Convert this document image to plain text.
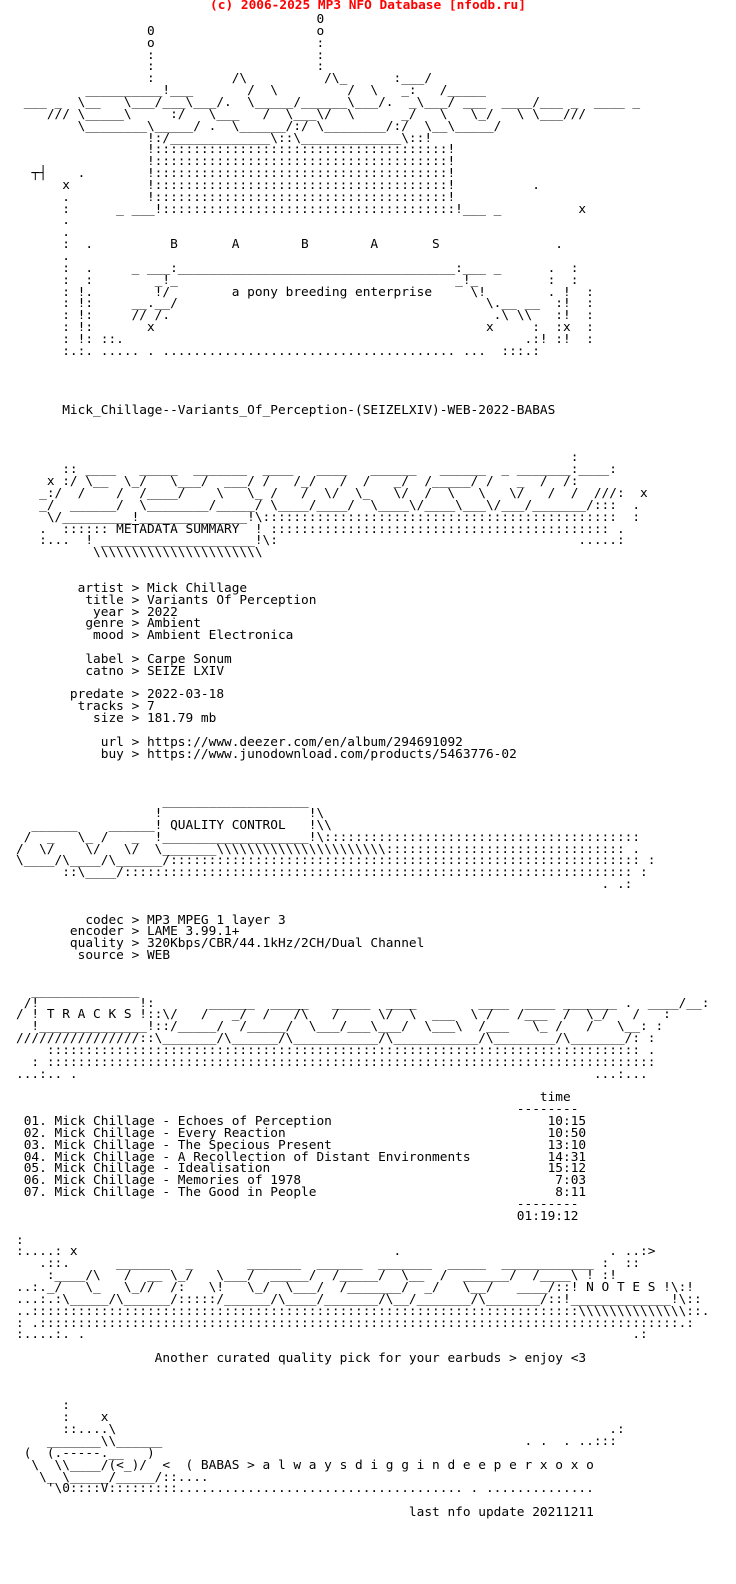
(c) 2006-2025 MP3 NFO Database [nfodb.ru]
0
0                     o
o                     :
:                     :
:                     :
:          /\          /\_      :___/
__________!___       /  \         /  \   _:   /_____
___ _  \__   \___/___\___/.  \_____/______\___/.  _\___/ ___  ____/___ _  ____ _
/// \_____\     :/   \___   /  \___\/  \      _/   \   \_/   \ \___///
\________\_____/ .  \______/:/ \________/:/  \__\_____/
!:/_____________\::\_____________\::!
!::::::::::::::::::::::::::::::::::::::!
!::::::::::::::::::::::::::::::::::::::!
┬┤    .        !::::::::::::::::::::::::::::::::::::::!
x          !::::::::::::::::::::::::::::::::::::::!          .
.          !::::::::::::::::::::::::::::::::::::::!
:      _ ___!::::::::::::::::::::::::::::::::::::::!___ _          x
.
.
:  .          B       A        B        A       S               .
.
:  .     _ ___:____________________________________:___ _      .  :
:  :        _!_                                    _!_         :  :
: !.        !/        a pony breeding enterprise     \!        . !  :
: !:     __.__/                                        \.__ __  :!  :
: !:     // /.                                          .\ \\   :!  :
: !:       x                                           x     :  :x  :
: !: ::.                                                    .:! :!  :
:.:. ..... . ...................................... ...  :::.:
Mick_Chillage--Variants_Of_Perception-(SEIZELXIV)-WEB-2022-BABAS
:
:: ____   _____  _______  ____   ____   ______   ______  _ _______:____:
x :/ \__  \_/   \___/  ___/ /   /_/   /  /   _/  /_____/ /   _  /  /:
_:/  /    /  /____/    \   \_ /   /  \/  \_   \/  /  \   \   \/   /  /  ///:  x
_/  ______/  \________/_____/ \____/____/  \____\/____\___\/___/_______/:::  .
\/_________!______________!\::::::::::::::::::::::::::::::::::::::::::::::  :
.  :::::: METADATA SUMMARY  ! :::::::::::::::::::::::::::::::::::::::::::: .
:...  ! ____________________!\:                                       .....:
\\\\\\\\\\\\\\\\\\\\\\
artist > Mick Chillage
title > Variants Of Perception
year > 2022
genre > Ambient
mood > Ambient Electronica
label > Carpe Sonum
catno > SEIZE LXIV
predate > 2022-03-18
tracks > 7
size > 181.79 mb
url > https://www.deezer.com/en/album/294691092
buy > https://www.junodownload.com/products/5463776-02
___________________
!                   !\
______    ______! QUALITY CONTROL   !\\
/  _   \_ /   _  !___________________!\:::::::::::::::::::::::::::::::::::::::::
/  \/    \/   \/  \_______\\\\\\\\\\\\\\\\\\\\\\::::::::::::::::::::::::::::::: .
\____/\____/\______/::::::::::::::::::::::::::::::::::::::::::::::::::::::::::::: :
::\____/:::::::::::::::::::::::::::::::::::::::::::::::::::::::::::::::::: :
. .:
codec > MP3 MPEG 1 layer 3
encoder > LAME 3.99.1+
quality > 320Kbps/CBR/44.1kHz/2CH/Dual Channel
source > WEB
______________
/!             !:       ______  _____   _____  ____        ____  ____ _______ .  ____/__:
/ ! T R A C K S !::\/   /   _/  /   /\   /     \/  \  ___  \ /   /___  /  \_/   /   :
!______________!::/_____/  /_____/  \___/___\___/  \___\  /___   \_ /   /   \__: :
////////////////::\_______/\______/\___________/\___________/\________/\_______/: :
::::::::::::::::::::::::::::::::::::::::::::::::::::::::::::::::::::::::::::: .
: :::::::::::::::::::::::::::::::::::::::::::::::::::::::::::::::::::::::::::::::
...:.. .                                                                   ...:...
time
--------
01. Mick Chillage - Echoes of Perception                            10:15
02. Mick Chillage - Every Reaction                                  10:50
03. Mick Chillage - The Specious Present                            13:10
04. Mick Chillage - A Recollection of Distant Environments          14:31
05. Mick Chillage - Idealisation                                    15:12
06. Mick Chillage - Memories of 1978                                 7:03
07. Mick Chillage - The Good in People                               8:11
--------
01:19:12
:
:....: x                                         .                           . ..:>
.::.      _______  _       _______  ______  _______  _____  ____________ :  ::
:____/\   /  __ \_/   \___/  _____/  /_____/  \__  /  ______/  /____\ ! :!
..:._/   \_   \_//  /:   \!   \_/  \___/  /_______/  _/   \__/   ____/::! N O T E S !\:!
...:.:\_____/\______/:::::/______/\____/_______/\__/_______/\_______/::!_____________!\::
..:::::::::::::::::::::::::::::::::::::::::::::::::::::::::::::::::::::::\\\\\\\\\\\\\\::.
: .:::::::::::::::::::::::::::::::::::::::::::::::::::::::::::::::::::::::::::::::::::.:
:....:. .                                                                       .:
Another curated quality pick for your earbuds > enjoy <3
:
:    x
::....\                                                                .:
_______\\______                                               . .  . ..:::
(  (.-----.__   )
\  \\____/(<_)/  <  ( BABAS > a l w a y s d i g g i n d e e p e r x o x o
\_ \_____/_____/::....
'\0::::V:::::::::..................................... . ..............
last nfo update 20211211
